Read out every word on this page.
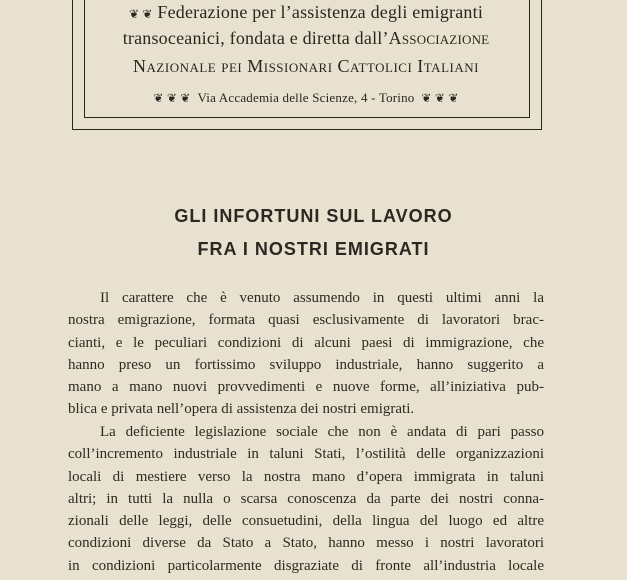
❦ ❦ Federazione per l’assistenza degli emigranti
transoceanici, fondata e diretta dall’Associazione
Nazionale pei Missionari Cattolici Italiani
❦ ❦ ❦ Via Accademia delle Scienze, 4 - Torino ❦ ❦ ❦
GLI INFORTUNI SUL LAVORO
FRA I NOSTRI EMIGRATI
Il carattere che è venuto assumendo in questi ultimi anni la
nostra emigrazione, formata quasi esclusivamente di lavoratori brac-
cianti, e le peculiari condizioni di alcuni paesi di immigrazione, che
hanno preso un fortissimo sviluppo industriale, hanno suggerito a
mano a mano nuovi provvedimenti e nuove forme, all’iniziativa pub-
blica e privata nell’opera di assistenza dei nostri emigrati.
La deficiente legislazione sociale che non è andata di pari passo
coll’incremento industriale in taluni Stati, l’ostilità delle organizzazioni
locali di mestiere verso la nostra mano d’opera immigrata in taluni
altri; in tutti la nulla o scarsa conoscenza da parte dei nostri conna-
zionali delle leggi, delle consuetudini, della lingua del luogo ed altre
condizioni diverse da Stato a Stato, hanno messo i nostri lavoratori
in condizioni particolarmente disgraziate di fronte all’industria locale
